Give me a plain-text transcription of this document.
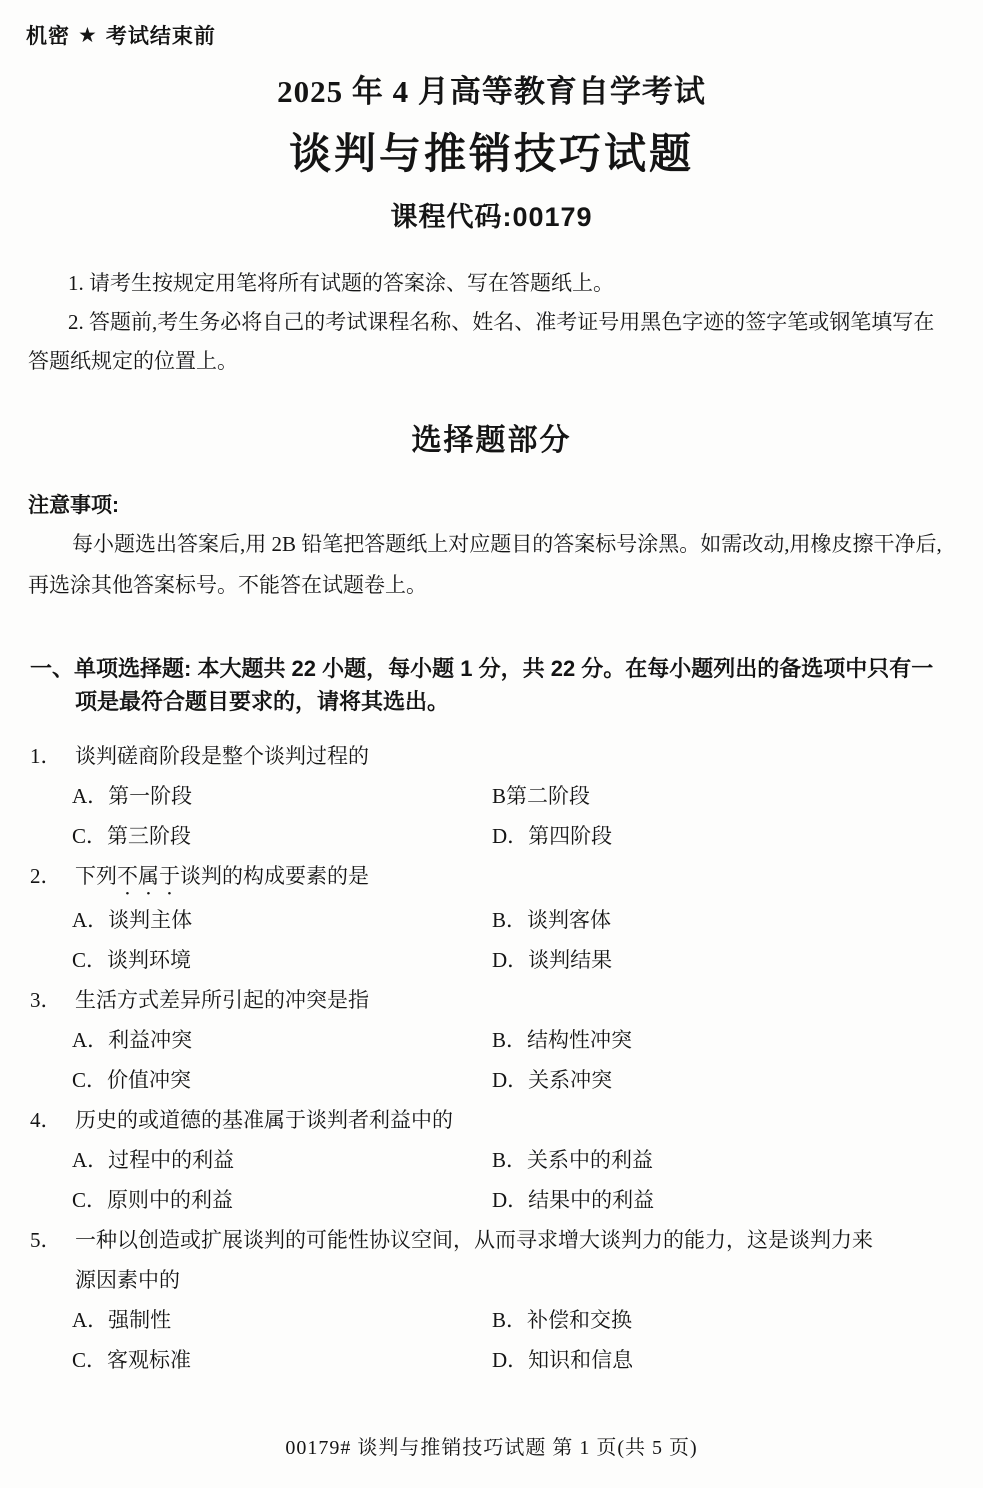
机密 ★ 考试结束前
2025 年 4 月高等教育自学考试
谈判与推销技巧试题
课程代码:00179

1. 请考生按规定用笔将所有试题的答案涂、写在答题纸上。

2. 答题前,考生务必将自己的考试课程名称、姓名、准考证号用黑色字迹的签字笔或钢笔填写在答题纸规定的位置上。

选择题部分
注意事项:

每小题选出答案后,用 2B 铅笔把答题纸上对应题目的答案标号涂黑。如需改动,用橡皮擦干净后,再选涂其他答案标号。不能答在试题卷上。

一、单项选择题: 本大题共 22 小题，每小题 1 分，共 22 分。在每小题列出的备选项中只有一项是最符合题目要求的，请将其选出。
1． 谈判磋商阶段是整个谈判过程的
A．第一阶段	B第二阶段
C．第三阶段	D．第四阶段
2． 下列不属于谈判的构成要素的是
A．谈判主体	B．谈判客体
C．谈判环境	D．谈判结果
3． 生活方式差异所引起的冲突是指
A．利益冲突	B．结构性冲突
C．价值冲突	D．关系冲突
4． 历史的或道德的基准属于谈判者利益中的
A．过程中的利益	B．关系中的利益
C．原则中的利益	D．结果中的利益
5． 一种以创造或扩展谈判的可能性协议空间，从而寻求增大谈判力的能力，这是谈判力来源因素中的
A．强制性	B．补偿和交换
C．客观标准	D．知识和信息
00179# 谈判与推销技巧试题 第 1 页(共 5 页)
